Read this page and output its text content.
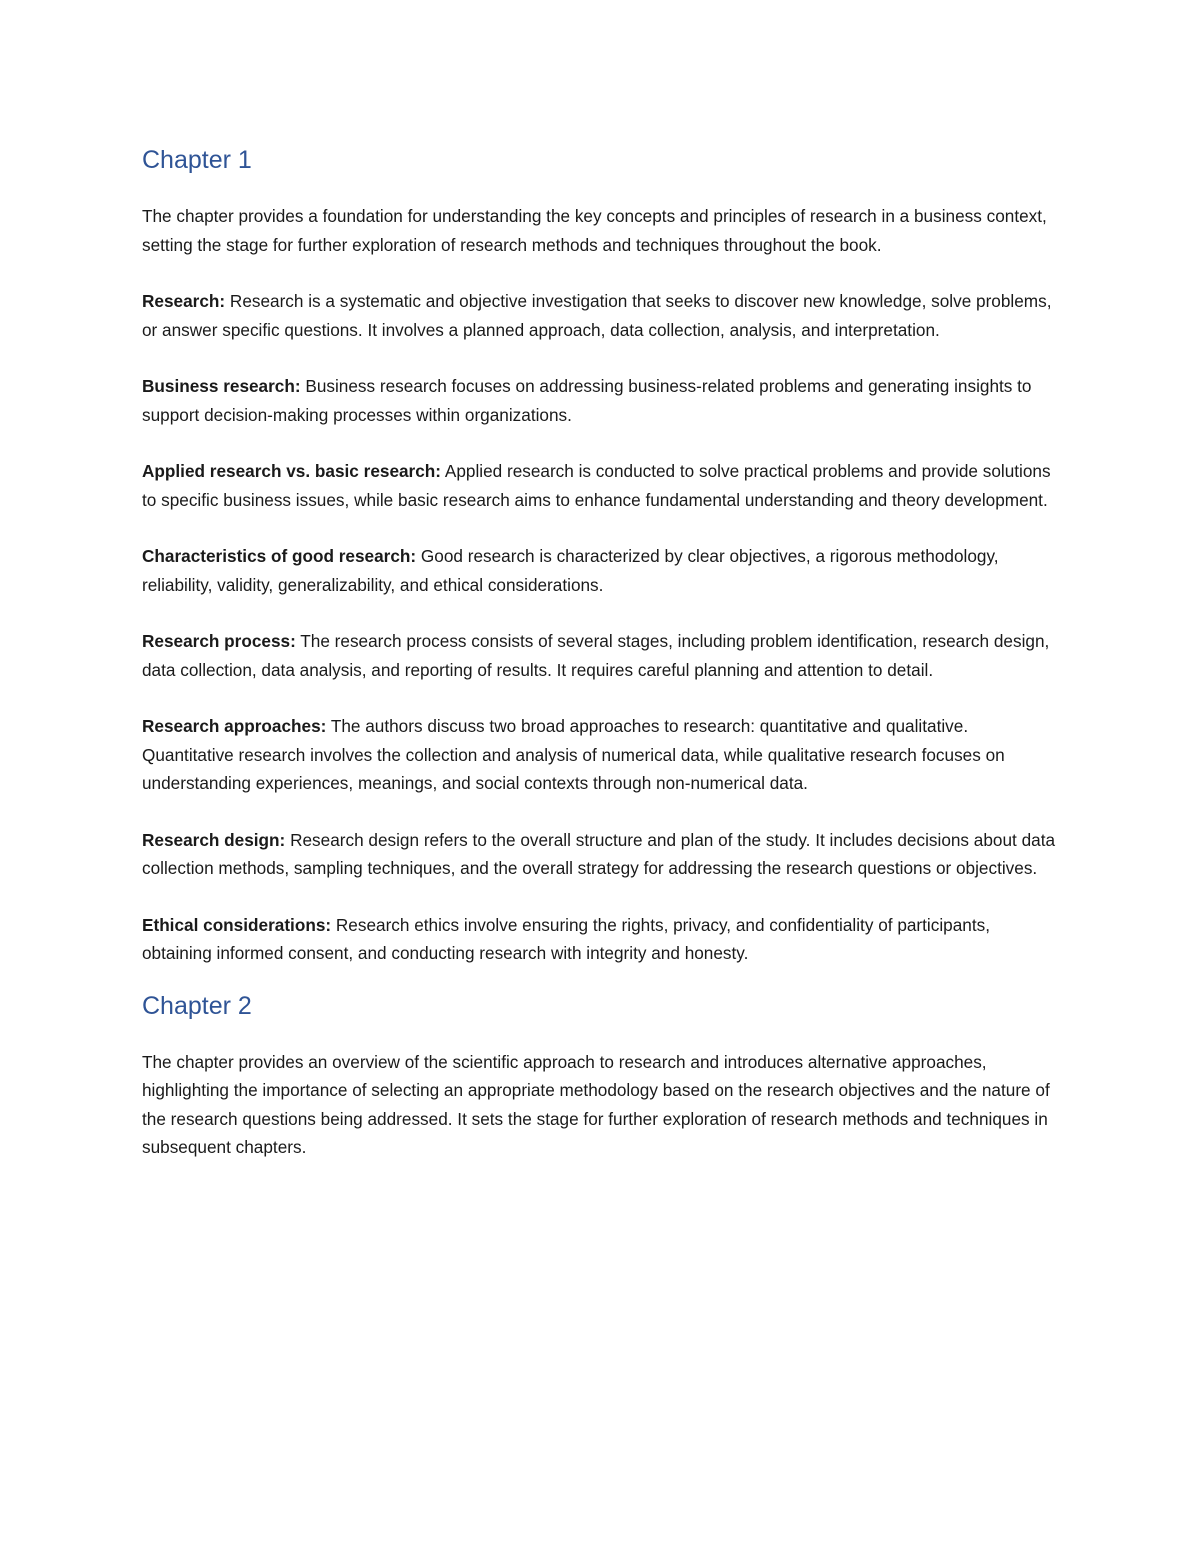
Chapter 1

The chapter provides a foundation for understanding the key concepts and principles of research in a business context, setting the stage for further exploration of research methods and techniques throughout the book.

Research: Research is a systematic and objective investigation that seeks to discover new knowledge, solve problems, or answer specific questions. It involves a planned approach, data collection, analysis, and interpretation.

Business research: Business research focuses on addressing business-related problems and generating insights to support decision-making processes within organizations.

Applied research vs. basic research: Applied research is conducted to solve practical problems and provide solutions to specific business issues, while basic research aims to enhance fundamental understanding and theory development.

Characteristics of good research: Good research is characterized by clear objectives, a rigorous methodology, reliability, validity, generalizability, and ethical considerations.

Research process: The research process consists of several stages, including problem identification, research design, data collection, data analysis, and reporting of results. It requires careful planning and attention to detail.

Research approaches: The authors discuss two broad approaches to research: quantitative and qualitative. Quantitative research involves the collection and analysis of numerical data, while qualitative research focuses on understanding experiences, meanings, and social contexts through non-numerical data.

Research design: Research design refers to the overall structure and plan of the study. It includes decisions about data collection methods, sampling techniques, and the overall strategy for addressing the research questions or objectives.

Ethical considerations: Research ethics involve ensuring the rights, privacy, and confidentiality of participants, obtaining informed consent, and conducting research with integrity and honesty.

Chapter 2

The chapter provides an overview of the scientific approach to research and introduces alternative approaches, highlighting the importance of selecting an appropriate methodology based on the research objectives and the nature of the research questions being addressed. It sets the stage for further exploration of research methods and techniques in subsequent chapters.
